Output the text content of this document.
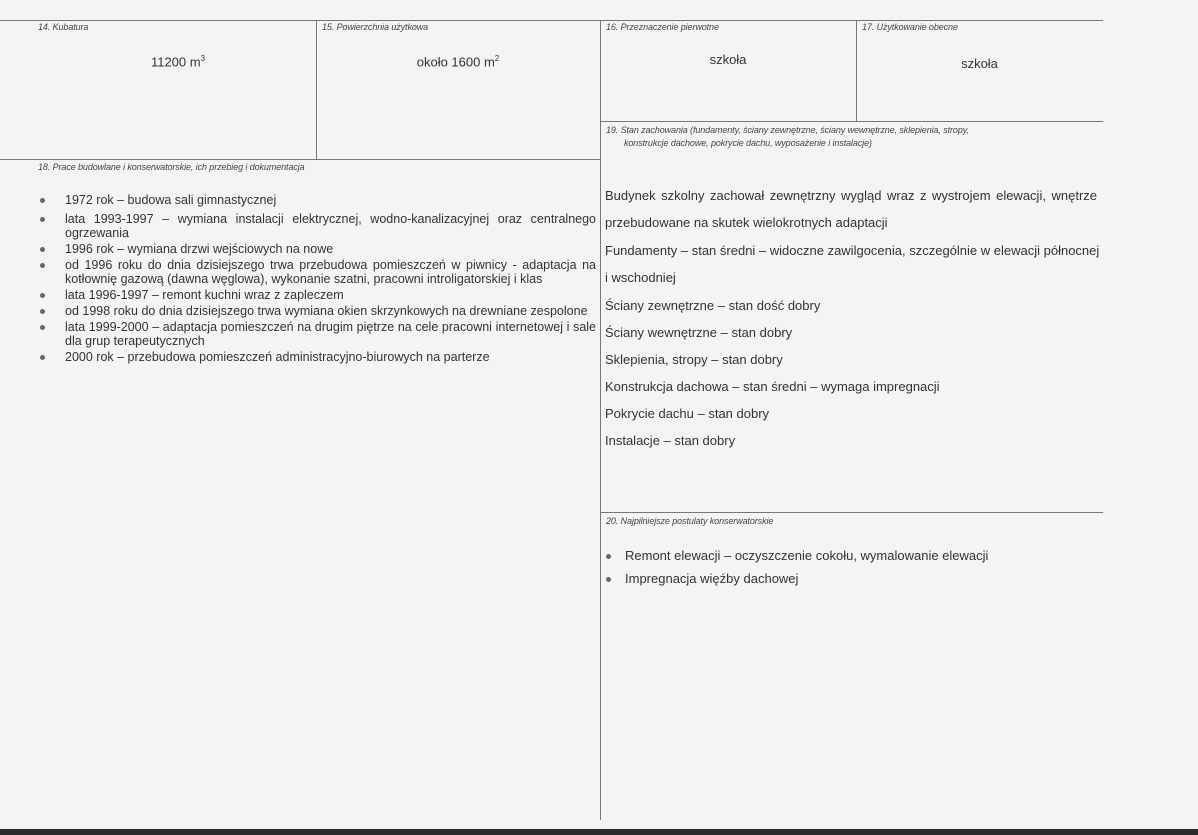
14. Kubatura
11200 $m^3$
15. Powierzchnia użytkowa
około 1600 $m^2$
16. Przeznaczenie pierwotne
szkoła
17. Użytkowanie obecne
szkoła
18. Prace budowlane i konserwatorskie, ich przebieg i dokumentacja
1972 rok – budowa sali gimnastycznej
lata 1993-1997 – wymiana instalacji elektrycznej, wodno-kanalizacyjnej oraz centralnego ogrzewania
1996 rok – wymiana drzwi wejściowych na nowe
od 1996 roku do dnia dzisiejszego trwa przebudowa pomieszczeń w piwnicy - adaptacja na kotłownię gazową (dawna węglowa), wykonanie szatni, pracowni introligatorskiej i klas
lata 1996-1997 – remont kuchni wraz z zapleczem
od 1998 roku do dnia dzisiejszego trwa wymiana okien skrzynkowych na drewniane zespolone
lata 1999-2000 – adaptacja pomieszczeń na drugim piętrze na cele pracowni internetowej i sale dla grup terapeutycznych
2000 rok – przebudowa pomieszczeń administracyjno-biurowych na parterze
19. Stan zachowania (fundamenty, ściany zewnętrzne, ściany wewnętrzne, sklepienia, stropy,
konstrukcje dachowe, pokrycie dachu, wyposażenie i instalacje)
Budynek szkolny zachował zewnętrzny wygląd wraz z wystrojem elewacji, wnętrze
przebudowane na skutek wielokrotnych adaptacji
Fundamenty – stan średni – widoczne zawilgocenia, szczególnie w elewacji północnej
i wschodniej
Ściany zewnętrzne – stan dość dobry
Ściany wewnętrzne – stan dobry
Sklepienia, stropy – stan dobry
Konstrukcja dachowa – stan średni – wymaga impregnacji
Pokrycie dachu – stan dobry
Instalacje – stan dobry
20. Najpilniejsze postulaty konserwatorskie
Remont elewacji – oczyszczenie cokołu, wymalowanie elewacji
Impregnacja więźby dachowej
